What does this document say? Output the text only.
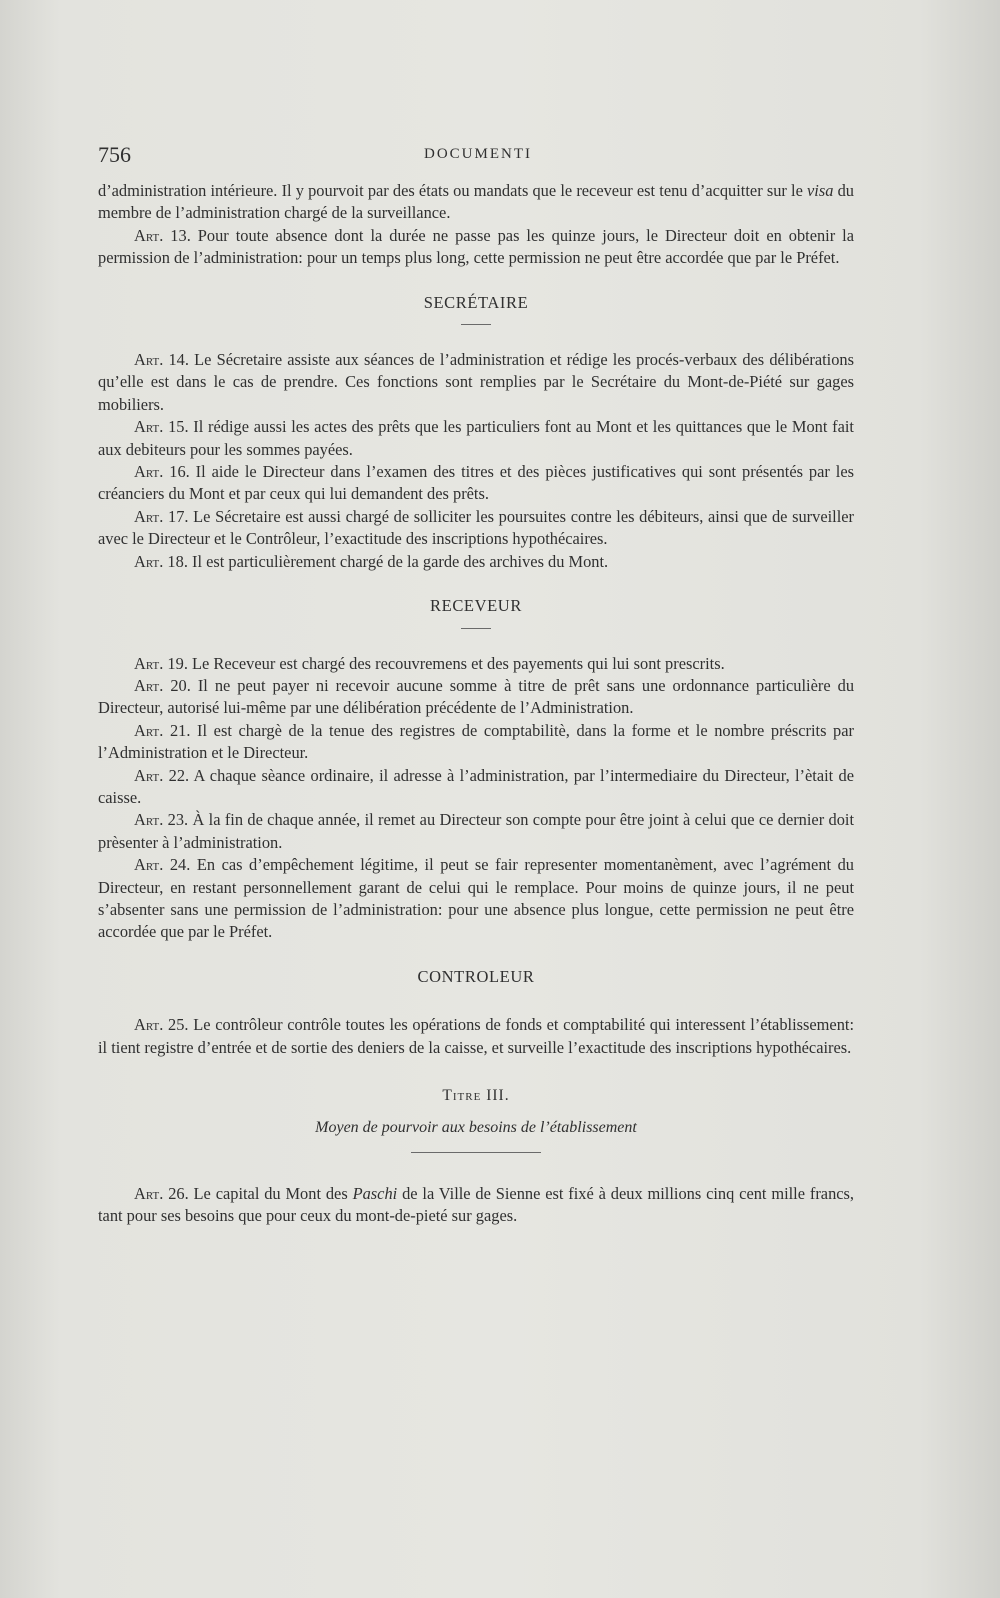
756	DOCUMENTI

d’administration intérieure. Il y pourvoit par des états ou mandats que le receveur est tenu d’acquitter sur le visa du membre de l’administration chargé de la surveillance.

Art. 13. Pour toute absence dont la durée ne passe pas les quinze jours, le Directeur doit en obtenir la permission de l’administration: pour un temps plus long, cette permission ne peut être accordée que par le Préfet.

SECRÉTAIRE

Art. 14. Le Sécretaire assiste aux séances de l’administration et rédige les procés-verbaux des délibérations qu’elle est dans le cas de prendre. Ces fonctions sont remplies par le Secrétaire du Mont-de-Piété sur gages mobiliers.

Art. 15. Il rédige aussi les actes des prêts que les particuliers font au Mont et les quittances que le Mont fait aux debiteurs pour les sommes payées.

Art. 16. Il aide le Directeur dans l’examen des titres et des pièces justificatives qui sont présentés par les créanciers du Mont et par ceux qui lui demandent des prêts.

Art. 17. Le Sécretaire est aussi chargé de solliciter les poursuites contre les débiteurs, ainsi que de surveiller avec le Directeur et le Contrôleur, l’exactitude des inscriptions hypothécaires.

Art. 18. Il est particulièrement chargé de la garde des archives du Mont.

RECEVEUR

Art. 19. Le Receveur est chargé des recouvremens et des payements qui lui sont prescrits.

Art. 20. Il ne peut payer ni recevoir aucune somme à titre de prêt sans une ordonnance particulière du Directeur, autorisé lui-même par une délibération précédente de l’Administration.

Art. 21. Il est chargè de la tenue des registres de comptabilitè, dans la forme et le nombre préscrits par l’Administration et le Directeur.

Art. 22. A chaque sèance ordinaire, il adresse à l’administration, par l’intermediaire du Directeur, l’ètait de caisse.

Art. 23. À la fin de chaque année, il remet au Directeur son compte pour être joint à celui que ce dernier doit prèsenter à l’administration.

Art. 24. En cas d’empêchement légitime, il peut se fair representer momentanèment, avec l’agrément du Directeur, en restant personnellement garant de celui qui le remplace. Pour moins de quinze jours, il ne peut s’absenter sans une permission de l’administration: pour une absence plus longue, cette permission ne peut être accordée que par le Préfet.

CONTROLEUR

Art. 25. Le contrôleur contrôle toutes les opérations de fonds et comptabilité qui interessent l’établissement: il tient registre d’entrée et de sortie des deniers de la caisse, et surveille l’exactitude des inscriptions hypothécaires.

Titre III.
Moyen de pourvoir aux besoins de l’établissement

Art. 26. Le capital du Mont des Paschi de la Ville de Sienne est fixé à deux millions cinq cent mille francs, tant pour ses besoins que pour ceux du mont-de-pieté sur gages.
